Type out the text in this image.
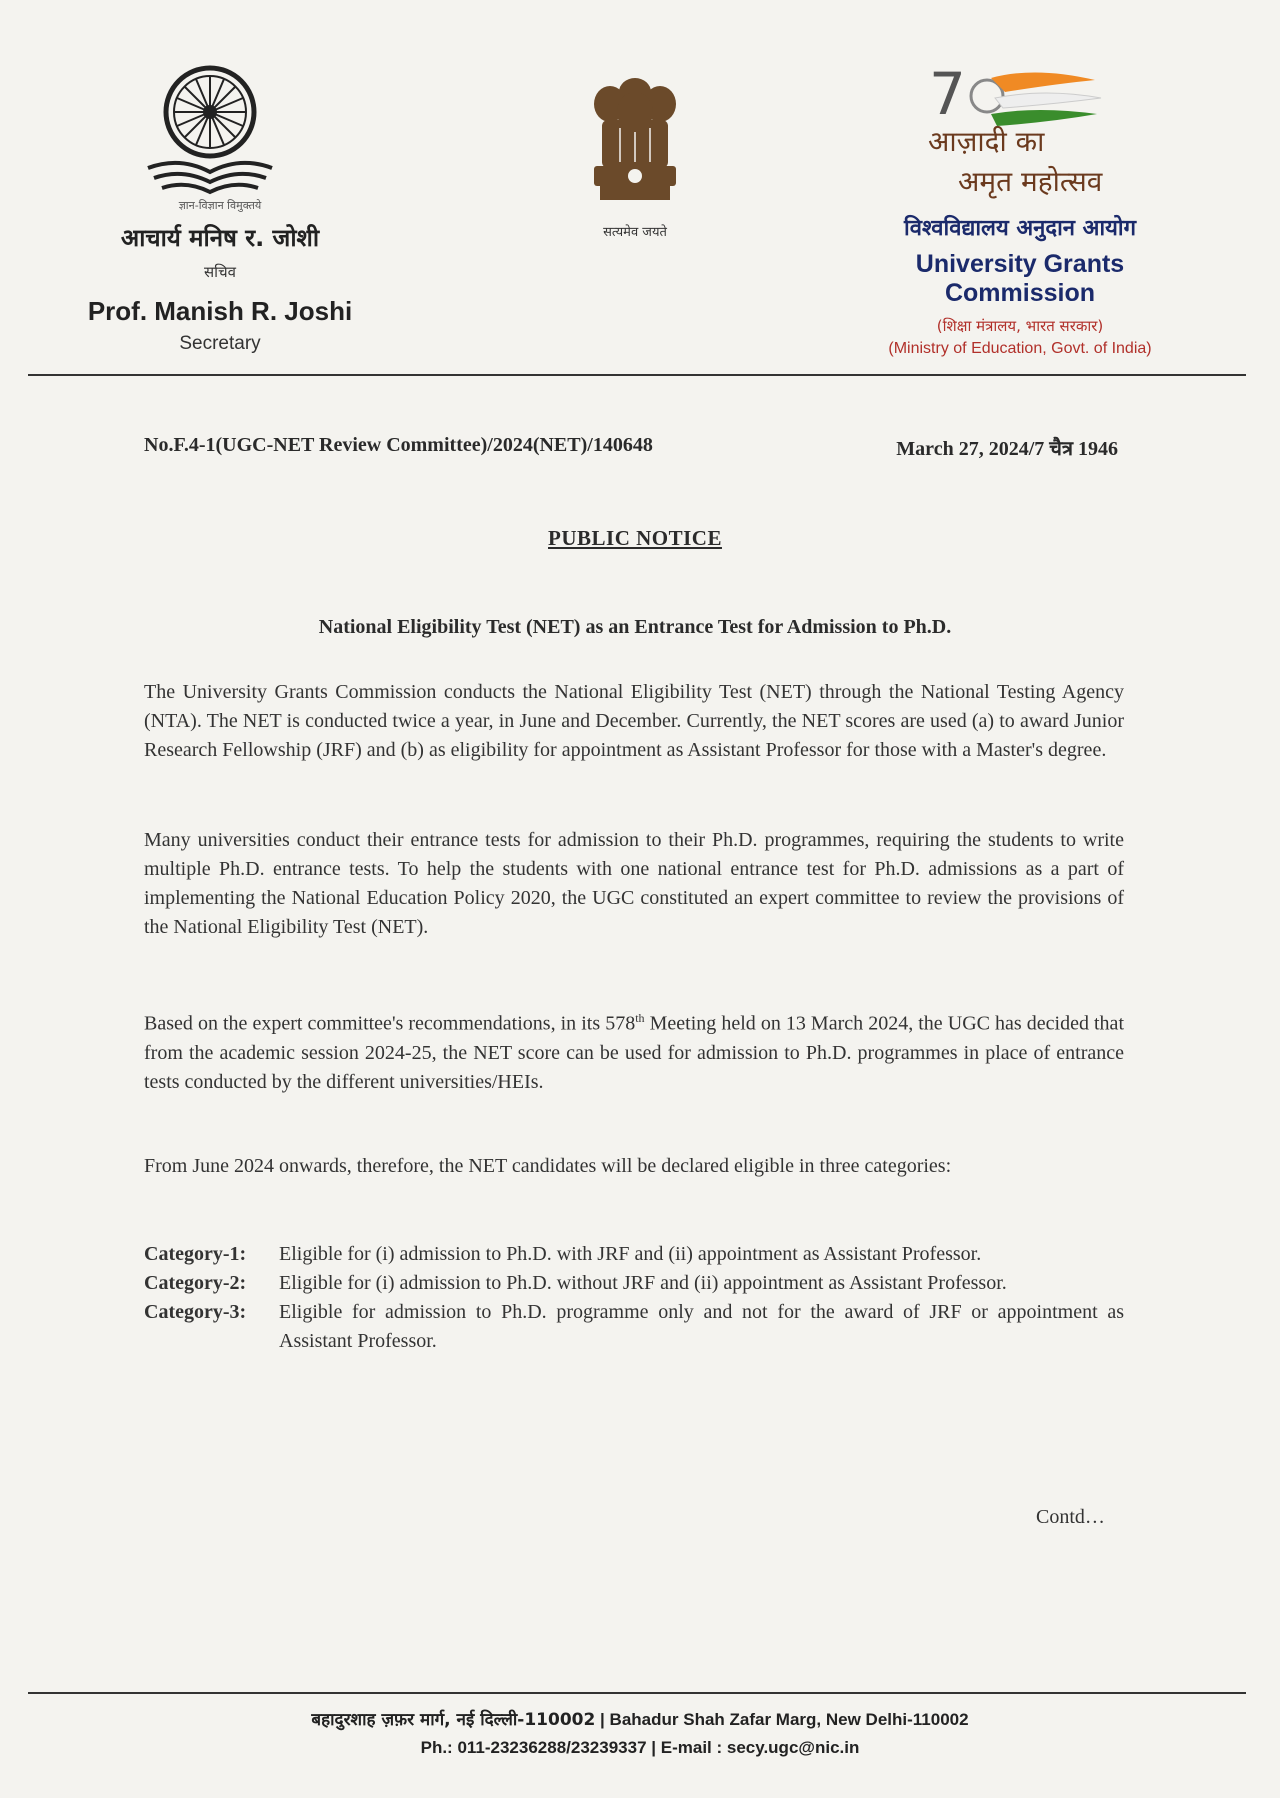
ज्ञान-विज्ञान विमुक्तये
आचार्य मनिष र. जोशी
सचिव
Prof. Manish R. Joshi
Secretary
सत्यमेव जयते
7
आज़ादी का
अमृत महोत्सव
विश्वविद्यालय अनुदान आयोग
University Grants Commission
(शिक्षा मंत्रालय, भारत सरकार)
(Ministry of Education, Govt. of India)
No.F.4-1(UGC-NET Review Committee)/2024(NET)/140648	March 27, 2024/7 चैत्र 1946
PUBLIC NOTICE
National Eligibility Test (NET) as an Entrance Test for Admission to Ph.D.

The University Grants Commission conducts the National Eligibility Test (NET) through the National Testing Agency (NTA). The NET is conducted twice a year, in June and December. Currently, the NET scores are used (a) to award Junior Research Fellowship (JRF) and (b) as eligibility for appointment as Assistant Professor for those with a Master's degree.

Many universities conduct their entrance tests for admission to their Ph.D. programmes, requiring the students to write multiple Ph.D. entrance tests. To help the students with one national entrance test for Ph.D. admissions as a part of implementing the National Education Policy 2020, the UGC constituted an expert committee to review the provisions of the National Eligibility Test (NET).

Based on the expert committee's recommendations, in its 578th Meeting held on 13 March 2024, the UGC has decided that from the academic session 2024-25, the NET score can be used for admission to Ph.D. programmes in place of entrance tests conducted by the different universities/HEIs.

From June 2024 onwards, therefore, the NET candidates will be declared eligible in three categories:

Category-1:	Eligible for (i) admission to Ph.D. with JRF and (ii) appointment as Assistant Professor.
Category-2:	Eligible for (i) admission to Ph.D. without JRF and (ii) appointment as Assistant Professor.
Category-3:	Eligible for admission to Ph.D. programme only and not for the award of JRF or appointment as Assistant Professor.
Contd…
बहादुरशाह ज़फ़र मार्ग, नई दिल्ली-110002 | Bahadur Shah Zafar Marg, New Delhi-110002
Ph.: 011-23236288/23239337 | E-mail : secy.ugc@nic.in
